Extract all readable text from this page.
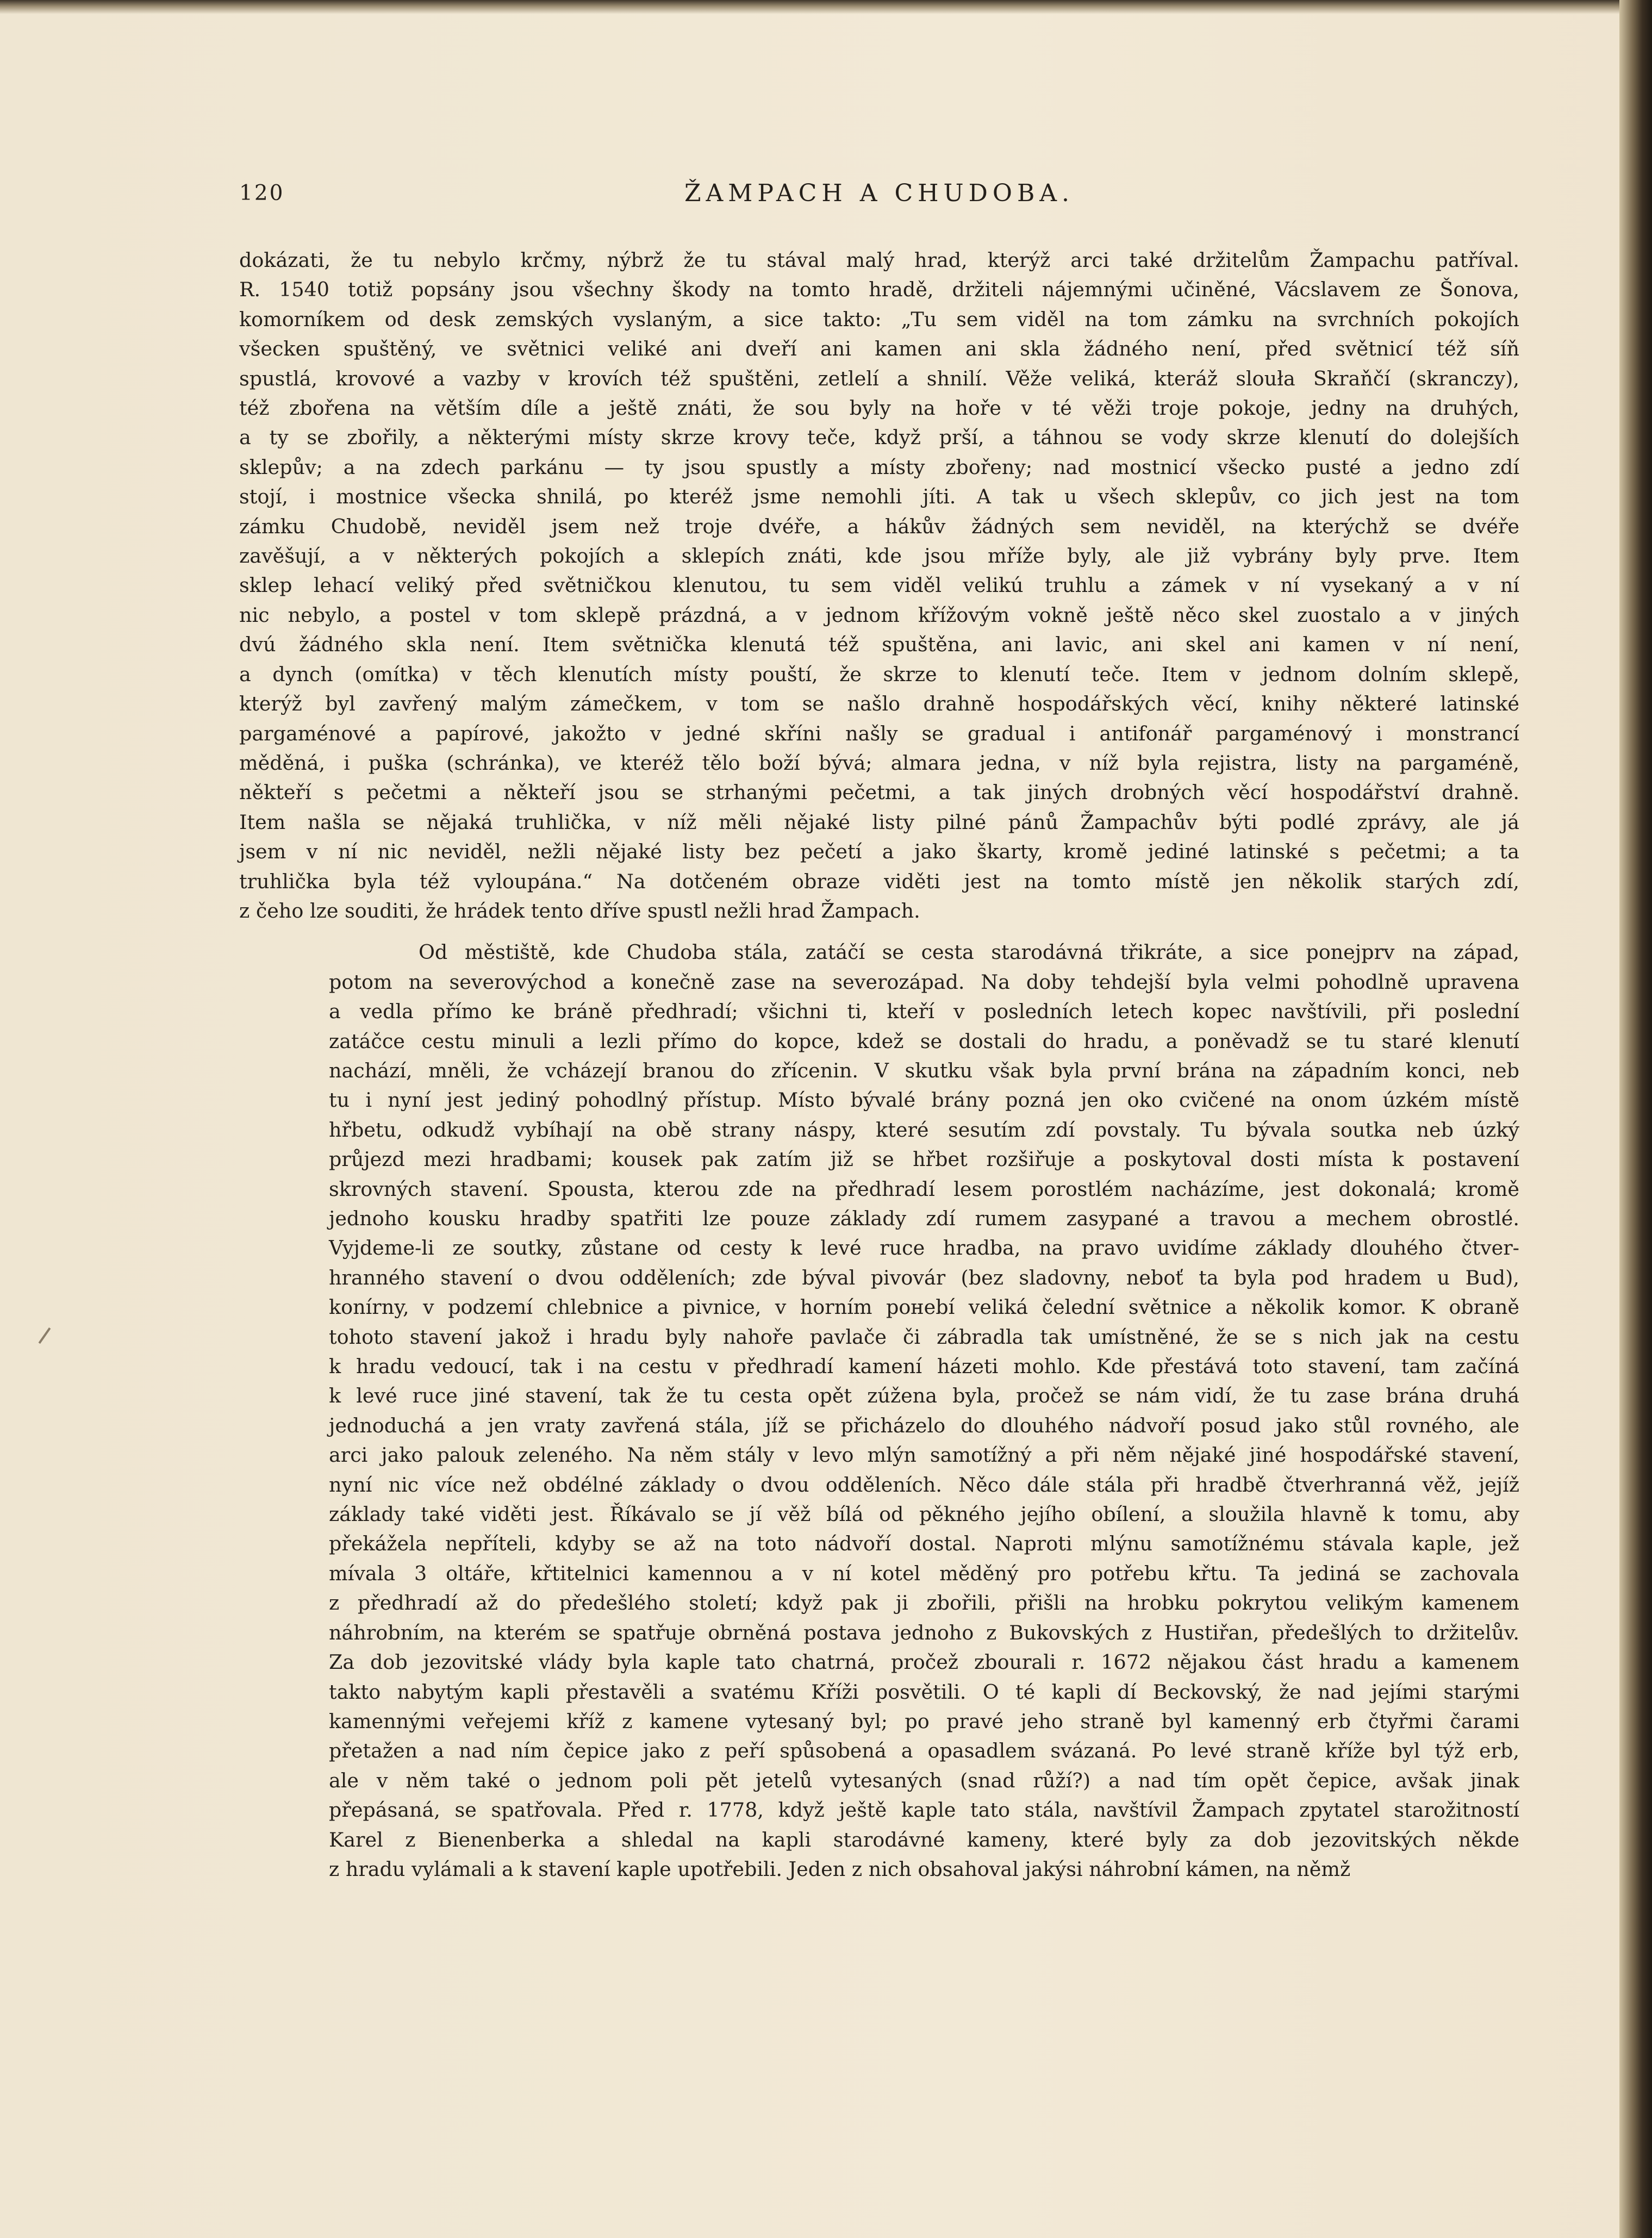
120	ŽAMPACH A CHUDOBA.

dokázati, že tu nebylo krčmy, nýbrž že tu stával malý hrad, kterýž arci také držitelům Žampachu patříval.
R. 1540 totiž popsány jsou všechny škody na tomto hradě, držiteli nájemnými učiněné, Vácslavem ze Šonova,
komorníkem od desk zemských vyslaným, a sice takto: „Tu sem viděl na tom zámku na svrchních pokojích
všecken spuštěný, ve světnici veliké ani dveří ani kamen ani skla žádného není, před světnicí též síň
spustlá, krovové a vazby v krovích též spuštěni, zetlelí a shnilí. Věže veliká, kteráž slouła Skraňčí (skranczy),
též zbořena na větším díle a ještě znáti, že sou byly na hoře v té věži troje pokoje, jedny na druhých,
a ty se zbořily, a některými místy skrze krovy teče, když prší, a táhnou se vody skrze klenutí do dolejších
sklepův; a na zdech parkánu — ty jsou spustly a místy zbořeny; nad mostnicí všecko pusté a jedno zdí
stojí, i mostnice všecka shnilá, po kteréž jsme nemohli jíti. A tak u všech sklepův, co jich jest na tom
zámku Chudobě, neviděl jsem než troje dvéře, a hákův žádných sem neviděl, na kterýchž se dvéře
zavěšují, a v některých pokojích a sklepích znáti, kde jsou mříže byly, ale již vybrány byly prve. Item
sklep lehací veliký před světničkou klenutou, tu sem viděl velikú truhlu a zámek v ní vysekaný a v ní
nic nebylo, a postel v tom sklepě prázdná, a v jednom křížovým vokně ještě něco skel zuostalo a v jiných
dvú žádného skla není. Item světnička klenutá též spuštěna, ani lavic, ani skel ani kamen v ní není,
a dynch (omítka) v těch klenutích místy pouští, že skrze to klenutí teče. Item v jednom dolním sklepě,
kterýž byl zavřený malým zámečkem, v tom se našlo drahně hospodářských věcí, knihy některé latinské
pargaménové a papírové, jakožto v jedné skříni našly se gradual i antifonář pargaménový i monstrancí
měděná, i puška (schránka), ve kteréž tělo boží bývá; almara jedna, v níž byla rejistra, listy na pargaméně,
někteří s pečetmi a někteří jsou se strhanými pečetmi, a tak jiných drobných věcí hospodářství drahně.
Item našla se nějaká truhlička, v níž měli nějaké listy pilné pánů Žampachův býti podlé zprávy, ale já
jsem v ní nic neviděl, nežli nějaké listy bez pečetí a jako škarty, kromě jediné latinské s pečetmi; a ta
truhlička byla též vyloupána.“ Na dotčeném obraze viděti jest na tomto místě jen několik starých zdí,
z čeho lze souditi, že hrádek tento dříve spustl nežli hrad Žampach.

Od městiště, kde Chudoba stála, zatáčí se cesta starodávná třikráte, a sice ponejprv na západ,
potom na severovýchod a konečně zase na severozápad. Na doby tehdejší byla velmi pohodlně upravena
a vedla přímo ke bráně předhradí; všichni ti, kteří v posledních letech kopec navštívili, při poslední
zatáčce cestu minuli a lezli přímo do kopce, kdež se dostali do hradu, a poněvadž se tu staré klenutí
nachází, mněli, že vcházejí branou do zřícenin. V skutku však byla první brána na západním konci, neb
tu i nyní jest jediný pohodlný přístup. Místo bývalé brány pozná jen oko cvičené na onom úzkém místě
hřbetu, odkudž vybíhají na obě strany náspy, které sesutím zdí povstaly. Tu bývala soutka neb úzký
průjezd mezi hradbami; kousek pak zatím již se hřbet rozšiřuje a poskytoval dosti místa k postavení
skrovných stavení. Spousta, kterou zde na předhradí lesem porostlém nacházíme, jest dokonalá; kromě
jednoho kousku hradby spatřiti lze pouze základy zdí rumem zasypané a travou a mechem obrostlé.
Vyjdeme-li ze soutky, zůstane od cesty k levé ruce hradba, na pravo uvidíme základy dlouhého čtver-
hranného stavení o dvou odděleních; zde býval pivovár (bez sladovny, neboť ta byla pod hradem u Bud),
konírny, v podzemí chlebnice a pivnice, v horním poнebí veliká čelední světnice a několik komor. K obraně
tohoto stavení jakož i hradu byly nahoře pavlače či zábradla tak umístněné, že se s nich jak na cestu
k hradu vedoucí, tak i na cestu v předhradí kamení házeti mohlo. Kde přestává toto stavení, tam začíná
k levé ruce jiné stavení, tak že tu cesta opět zúžena byla, pročež se nám vidí, že tu zase brána druhá
jednoduchá a jen vraty zavřená stála, jíž se přicházelo do dlouhého nádvoří posud jako stůl rovného, ale
arci jako palouk zeleného. Na něm stály v levo mlýn samotížný a při něm nějaké jiné hospodářské stavení,
nyní nic více než obdélné základy o dvou odděleních. Něco dále stála při hradbě čtverhranná věž, jejíž
základy také viděti jest. Říkávalo se jí věž bílá od pěkného jejího obílení, a sloužila hlavně k tomu, aby
překážela nepříteli, kdyby se až na toto nádvoří dostal. Naproti mlýnu samotížnému stávala kaple, jež
mívala 3 oltáře, křtitelnici kamennou a v ní kotel měděný pro potřebu křtu. Ta jediná se zachovala
z předhradí až do předešlého století; když pak ji zbořili, přišli na hrobku pokrytou velikým kamenem
náhrobním, na kterém se spatřuje obrněná postava jednoho z Bukovských z Hustiřan, předešlých to držitelův.
Za dob jezovitské vlády byla kaple tato chatrná, pročež zbourali r. 1672 nějakou část hradu a kamenem
takto nabytým kapli přestavěli a svatému Kříži posvětili. O té kapli dí Beckovský, že nad jejími starými
kamennými veřejemi kříž z kamene vytesaný byl; po pravé jeho straně byl kamenný erb čtyřmi čarami
přetažen a nad ním čepice jako z peří spůsobená a opasadlem svázaná. Po levé straně kříže byl týž erb,
ale v něm také o jednom poli pět jetelů vytesaných (snad růží?) a nad tím opět čepice, avšak jinak
přepásaná, se spatřovala. Před r. 1778, když ještě kaple tato stála, navštívil Žampach zpytatel starožitností
Karel z Bienenberka a shledal na kapli starodávné kameny, které byly za dob jezovitských někde
z hradu vylámali a k stavení kaple upotřebili. Jeden z nich obsahoval jakýsi náhrobní kámen, na němž
